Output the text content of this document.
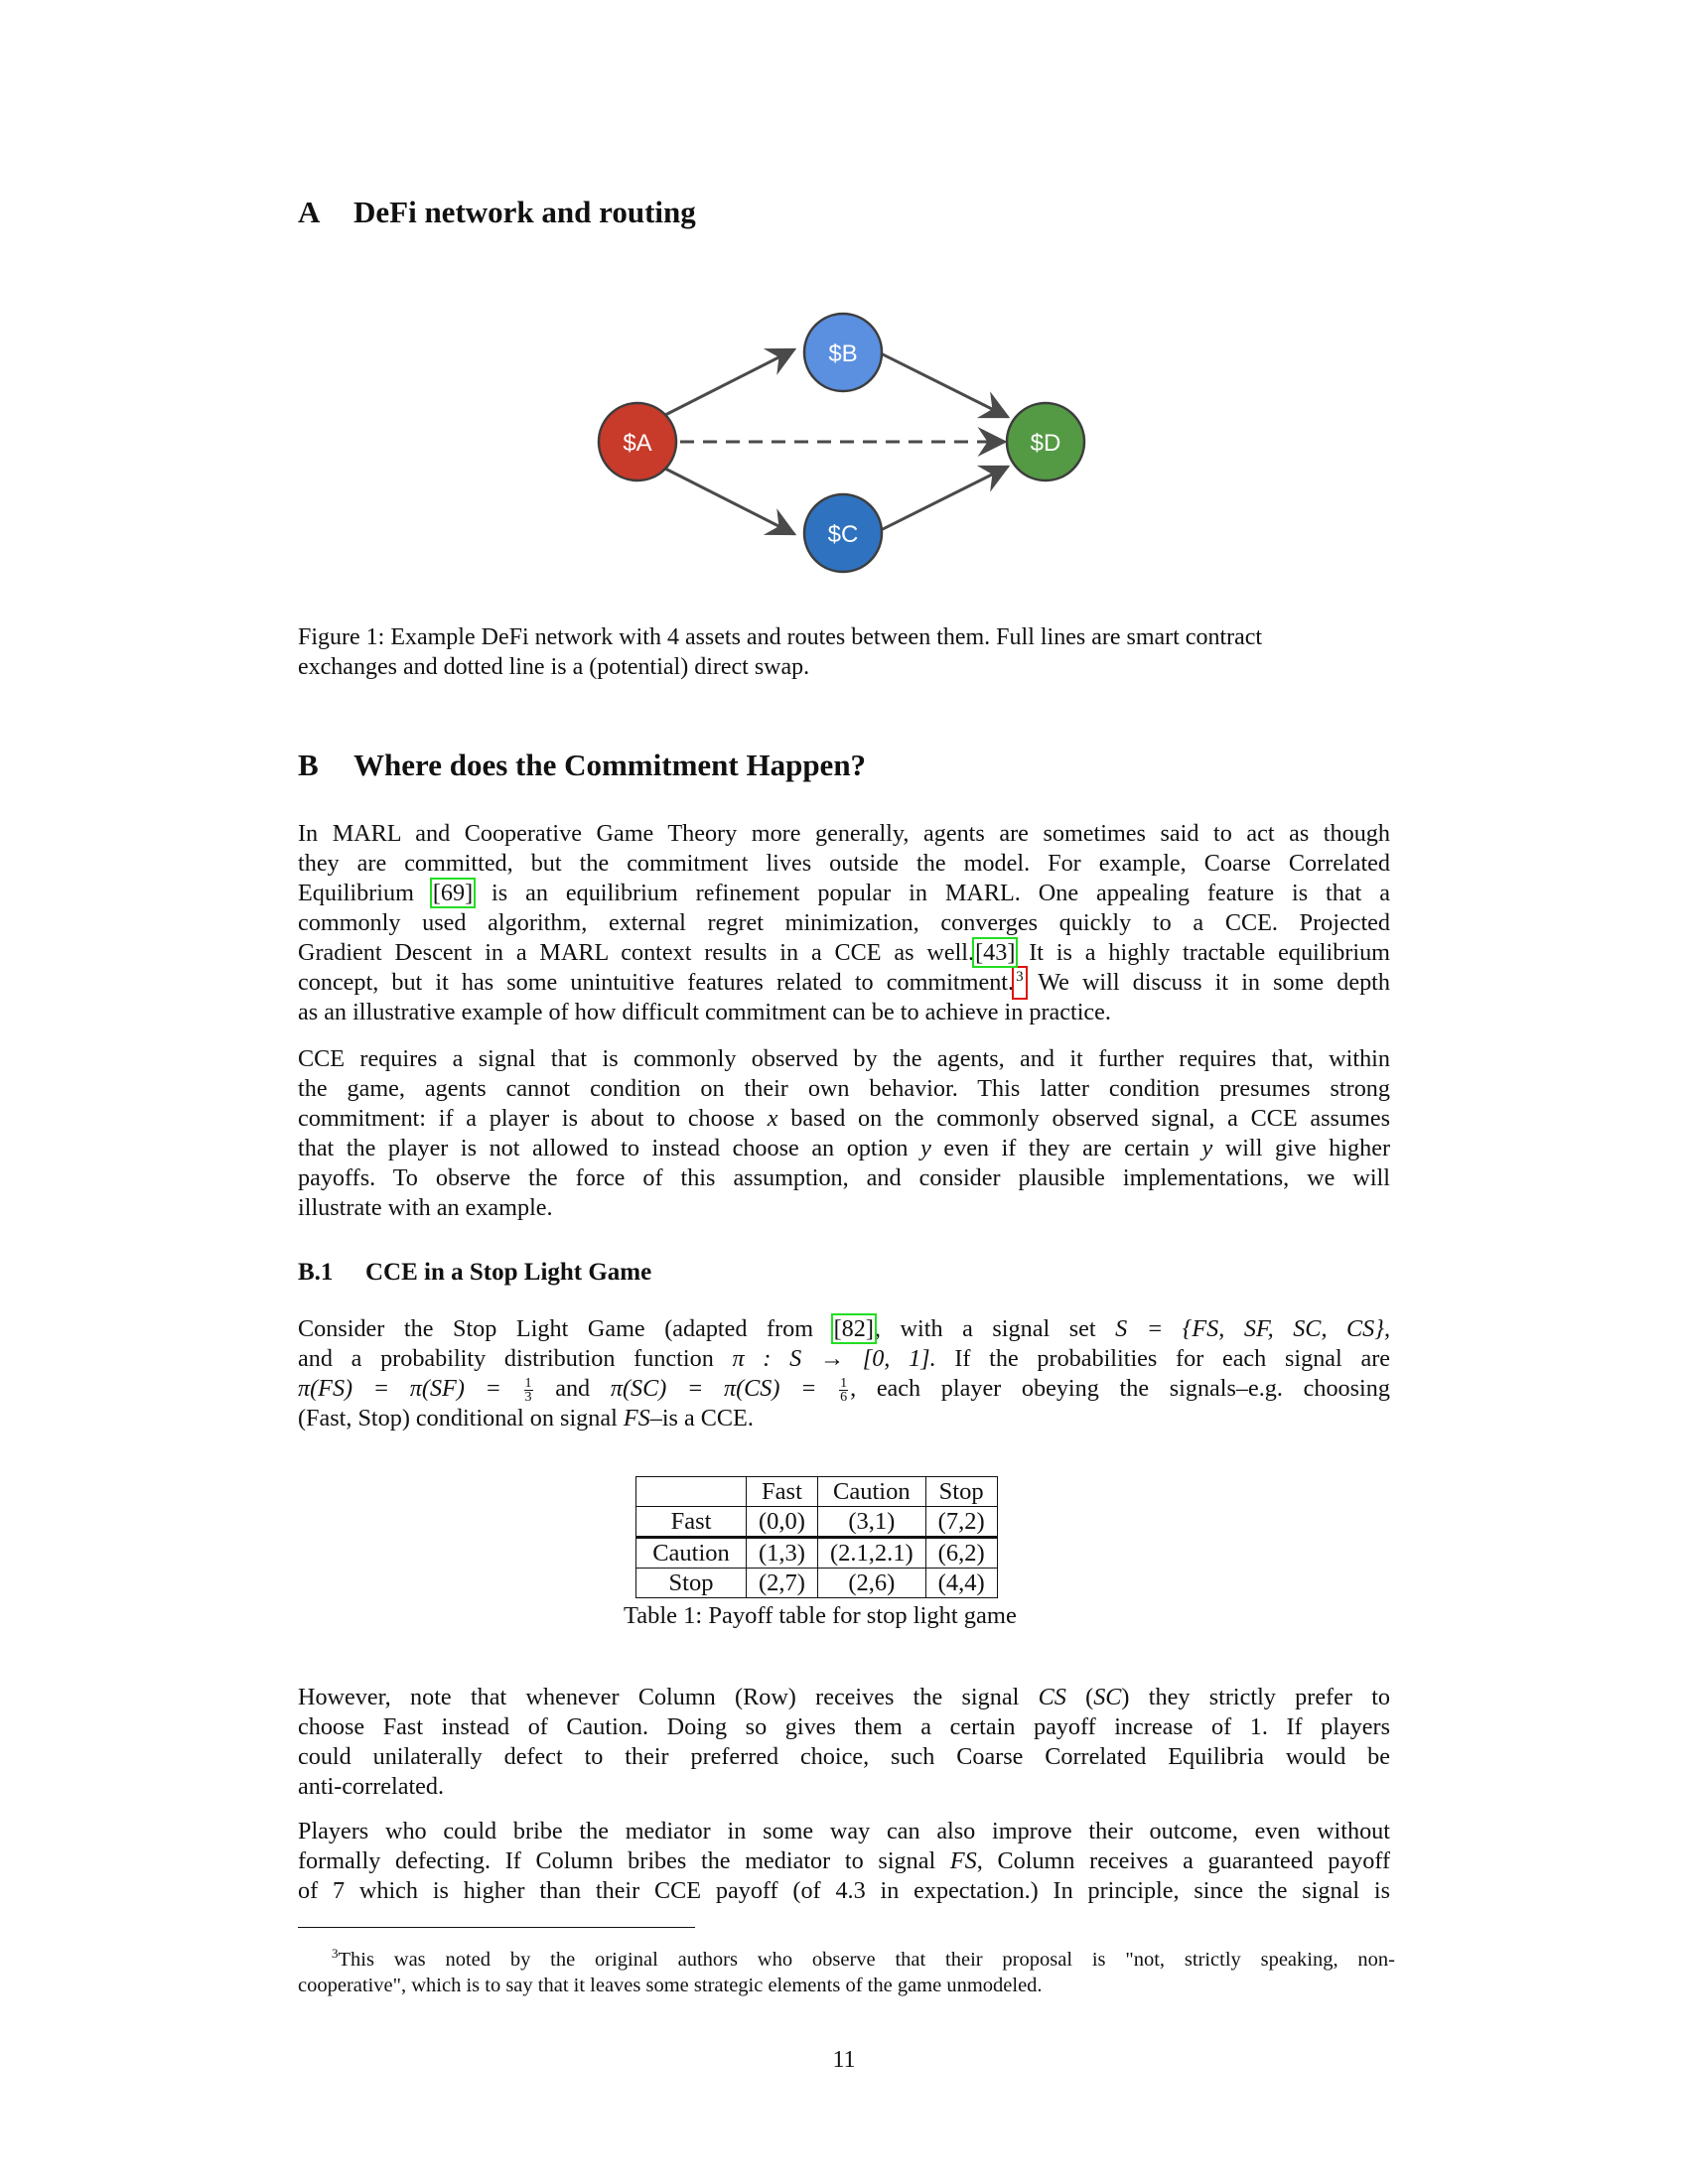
A DeFi network and routing
$A
$B
$C
$D
Figure 1: Example DeFi network with 4 assets and routes between them. Full lines are smart contract
exchanges and dotted line is a (potential) direct swap.
B Where does the Commitment Happen?
In MARL and Cooperative Game Theory more generally, agents are sometimes said to act as though
they are committed, but the commitment lives outside the model. For example, Coarse Correlated
Equilibrium [69] is an equilibrium refinement popular in MARL. One appealing feature is that a
commonly used algorithm, external regret minimization, converges quickly to a CCE. Projected
Gradient Descent in a MARL context results in a CCE as well.[43] It is a highly tractable equilibrium
concept, but it has some unintuitive features related to commitment. 3 We will discuss it in some depth
as an illustrative example of how difficult commitment can be to achieve in practice.
CCE requires a signal that is commonly observed by the agents, and it further requires that, within
the game, agents cannot condition on their own behavior. This latter condition presumes strong
commitment: if a player is about to choose x based on the commonly observed signal, a CCE assumes
that the player is not allowed to instead choose an option y even if they are certain y will give higher
payoffs. To observe the force of this assumption, and consider plausible implementations, we will
illustrate with an example.
B.1 CCE in a Stop Light Game
Consider the Stop Light Game (adapted from [82], with a signal set S = {FS, SF, SC, CS},
and a probability distribution function π : S → [0, 1]. If the probabilities for each signal are
$\pi(FS) = \pi(SF) = \frac{1}{3}$ and $\pi(SC) = \pi(CS) = \frac{1}{6}$ , each player obeying the signals–e.g. choosing
(Fast, Stop) conditional on signal FS–is a CCE.
	Fast	Caution	Stop
Fast	(0,0)	(3,1)	(7,2)
Caution	(1,3)	(2.1,2.1)	(6,2)
Stop	(2,7)	(2,6)	(4,4)
Table 1: Payoff table for stop light game
However, note that whenever Column (Row) receives the signal CS (SC) they strictly prefer to
choose Fast instead of Caution. Doing so gives them a certain payoff increase of 1. If players
could unilaterally defect to their preferred choice, such Coarse Correlated Equilibria would be
anti-correlated.
Players who could bribe the mediator in some way can also improve their outcome, even without
formally defecting. If Column bribes the mediator to signal FS, Column receives a guaranteed payoff
of 7 which is higher than their CCE payoff (of 4.3 in expectation.) In principle, since the signal is
$^3$This was noted by the original authors who observe that their proposal is "not, strictly speaking, non-
cooperative", which is to say that it leaves some strategic elements of the game unmodeled.
11
